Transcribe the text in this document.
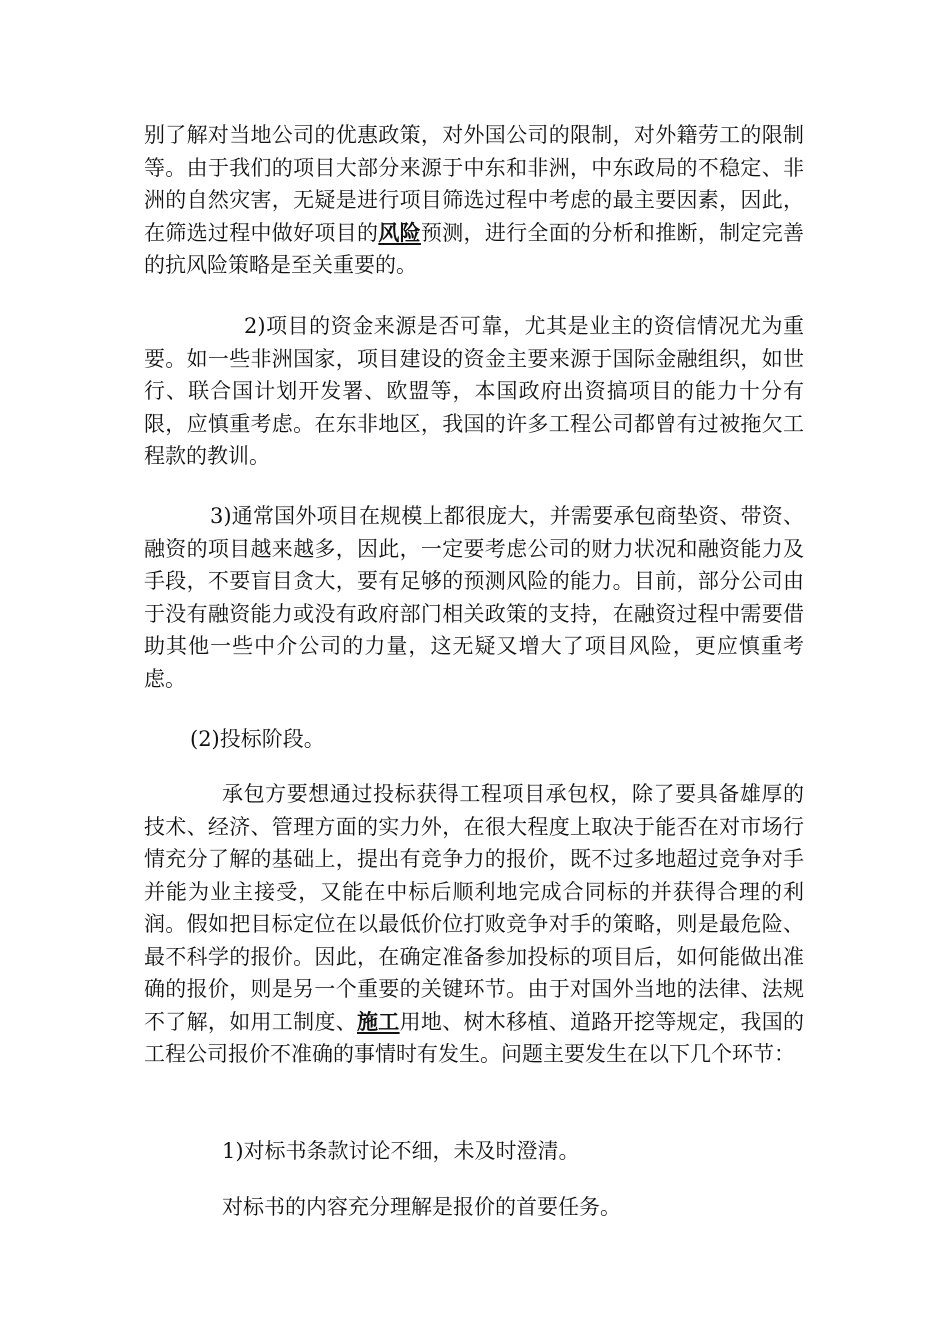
别了解对当地公司的优惠政策，对外国公司的限制，对外籍劳工的限制等。由于我们的项目大部分来源于中东和非洲，中东政局的不稳定、非洲的自然灾害，无疑是进行项目筛选过程中考虑的最主要因素，因此，在筛选过程中做好项目的风险预测，进行全面的分析和推断，制定完善的抗风险策略是至关重要的。

2)项目的资金来源是否可靠，尤其是业主的资信情况尤为重要。如一些非洲国家，项目建设的资金主要来源于国际金融组织，如世行、联合国计划开发署、欧盟等，本国政府出资搞项目的能力十分有限，应慎重考虑。在东非地区，我国的许多工程公司都曾有过被拖欠工程款的教训。

3)通常国外项目在规模上都很庞大，并需要承包商垫资、带资、融资的项目越来越多，因此，一定要考虑公司的财力状况和融资能力及手段，不要盲目贪大，要有足够的预测风险的能力。目前，部分公司由于没有融资能力或没有政府部门相关政策的支持，在融资过程中需要借助其他一些中介公司的力量，这无疑又增大了项目风险，更应慎重考虑。

(2)投标阶段。

承包方要想通过投标获得工程项目承包权，除了要具备雄厚的技术、经济、管理方面的实力外，在很大程度上取决于能否在对市场行情充分了解的基础上，提出有竞争力的报价，既不过多地超过竞争对手并能为业主接受，又能在中标后顺利地完成合同标的并获得合理的利润。假如把目标定位在以最低价位打败竞争对手的策略，则是最危险、最不科学的报价。因此，在确定准备参加投标的项目后，如何能做出准确的报价，则是另一个重要的关键环节。由于对国外当地的法律、法规不了解，如用工制度、施工用地、树木移植、道路开挖等规定，我国的工程公司报价不准确的事情时有发生。问题主要发生在以下几个环节：

1)对标书条款讨论不细，未及时澄清。

对标书的内容充分理解是报价的首要任务。
